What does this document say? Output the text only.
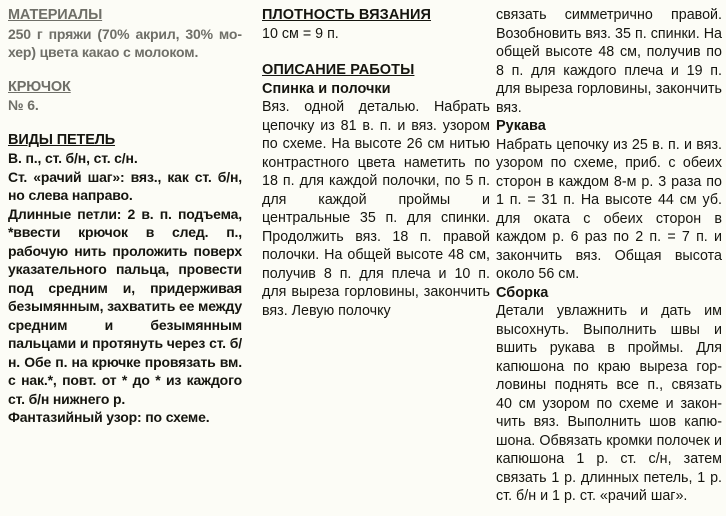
МАТЕРИАЛЫ
250 г пряжи (70% акрил, 30% мохер) цвета какао с молоком.
КРЮЧОК
№ 6.
ВИДЫ ПЕТЕЛЬ
В. п., ст. б/н, ст. с/н.
Ст. «рачий шаг»: вяз., как ст. б/н, но слева направо.
Длинные петли: 2 в. п. подъема, *ввести крючок в след. п., рабочую нить проложить поверх указательного пальца, провести под средним и, придерживая безымянным, захватить ее между средним и безымянным пальцами и протянуть через ст. б/н. Обе п. на крючке провязать вм. с нак.*, повт. от * до * из каждого ст. б/н нижнего р.
Фантазийный узор: по схеме.
ПЛОТНОСТЬ ВЯЗАНИЯ
10 см = 9 п.
ОПИСАНИЕ РАБОТЫ
Спинка и полочки
Вяз. одной деталью. Набрать цепочку из 81 в. п. и вяз. узором по схеме. На высоте 26 см нитью контрастного цвета наметить по 18 п. для каждой полочки, по 5 п. для каждой проймы и центральные 35 п. для спинки. Продолжить вяз. 18 п. правой полочки. На общей высоте 48 см, получив 8 п. для плеча и 10 п. для выреза горловины, закончить вяз. Левую полочку
связать симметрично правой. Возобновить вяз. 35 п. спинки. На общей высоте 48 см, получив по 8 п. для каждого плеча и 19 п. для выреза горловины, закончить вяз.
Рукава
Набрать цепочку из 25 в. п. и вяз. узором по схеме, приб. с обеих сторон в каждом 8-м р. 3 раза по 1 п. = 31 п. На высоте 44 см уб. для оката с обеих сторон в каждом р. 6 раз по 2 п. = 7 п. и закончить вяз. Общая высота около 56 см.
Сборка
Детали увлажнить и дать им высохнуть. Выполнить швы и вшить рукава в проймы. Для капюшона по краю выреза горловины поднять все п., связать 40 см узором по схеме и закончить вяз. Выполнить шов капюшона. Обвязать кромки полочек и капюшона 1 р. ст. с/н, затем связать 1 р. длинных петель, 1 р. ст. б/н и 1 р. ст. «рачий шаг».
